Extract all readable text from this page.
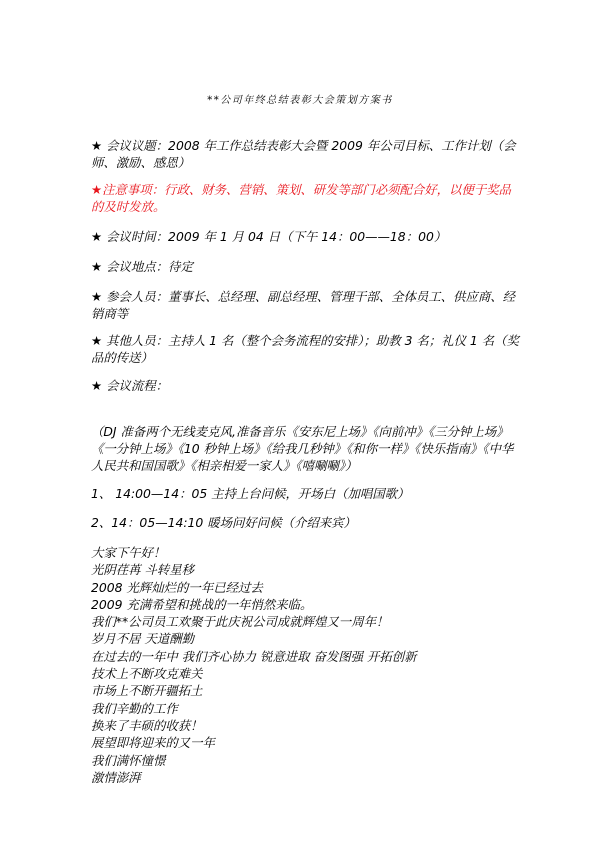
**公司年终总结表彰大会策划方案书

★ 会议议题：2008 年工作总结表彰大会暨 2009 年公司目标、工作计划（会师、激励、感恩）

★注意事项：行政、财务、营销、策划、研发等部门必须配合好，以便于奖品的及时发放。

★ 会议时间：2009 年 1 月 04 日（下午 14：00——18：00）

★ 会议地点：待定

★ 参会人员：董事长、总经理、副总经理、管理干部、全体员工、供应商、经销商等

★ 其他人员：主持人 1 名（整个会务流程的安排）；助教 3 名；礼仪 1 名（奖品的传送）

★ 会议流程：

（DJ 准备两个无线麦克风,准备音乐《安东尼上场》《向前冲》《三分钟上场》《一分钟上场》《10 秒钟上场》《给我几秒钟》《和你一样》《快乐指南》《中华人民共和国国歌》《相亲相爱一家人》《嘻唰唰》）

1、 14:00—14：05 主持上台问候，开场白（加唱国歌）

2、14：05—14:10 暖场问好问候（介绍来宾）

大家下午好！
光阴荏苒 斗转星移
2008 光辉灿烂的一年已经过去
2009 充满希望和挑战的一年悄然来临。
我们**公司员工欢聚于此庆祝公司成就辉煌又一周年！
岁月不居 天道酬勤
在过去的一年中 我们齐心协力 锐意进取 奋发图强 开拓创新
技术上不断攻克难关
市场上不断开疆拓土
我们辛勤的工作
换来了丰硕的收获！
展望即将迎来的又一年
我们满怀憧憬
激情澎湃
